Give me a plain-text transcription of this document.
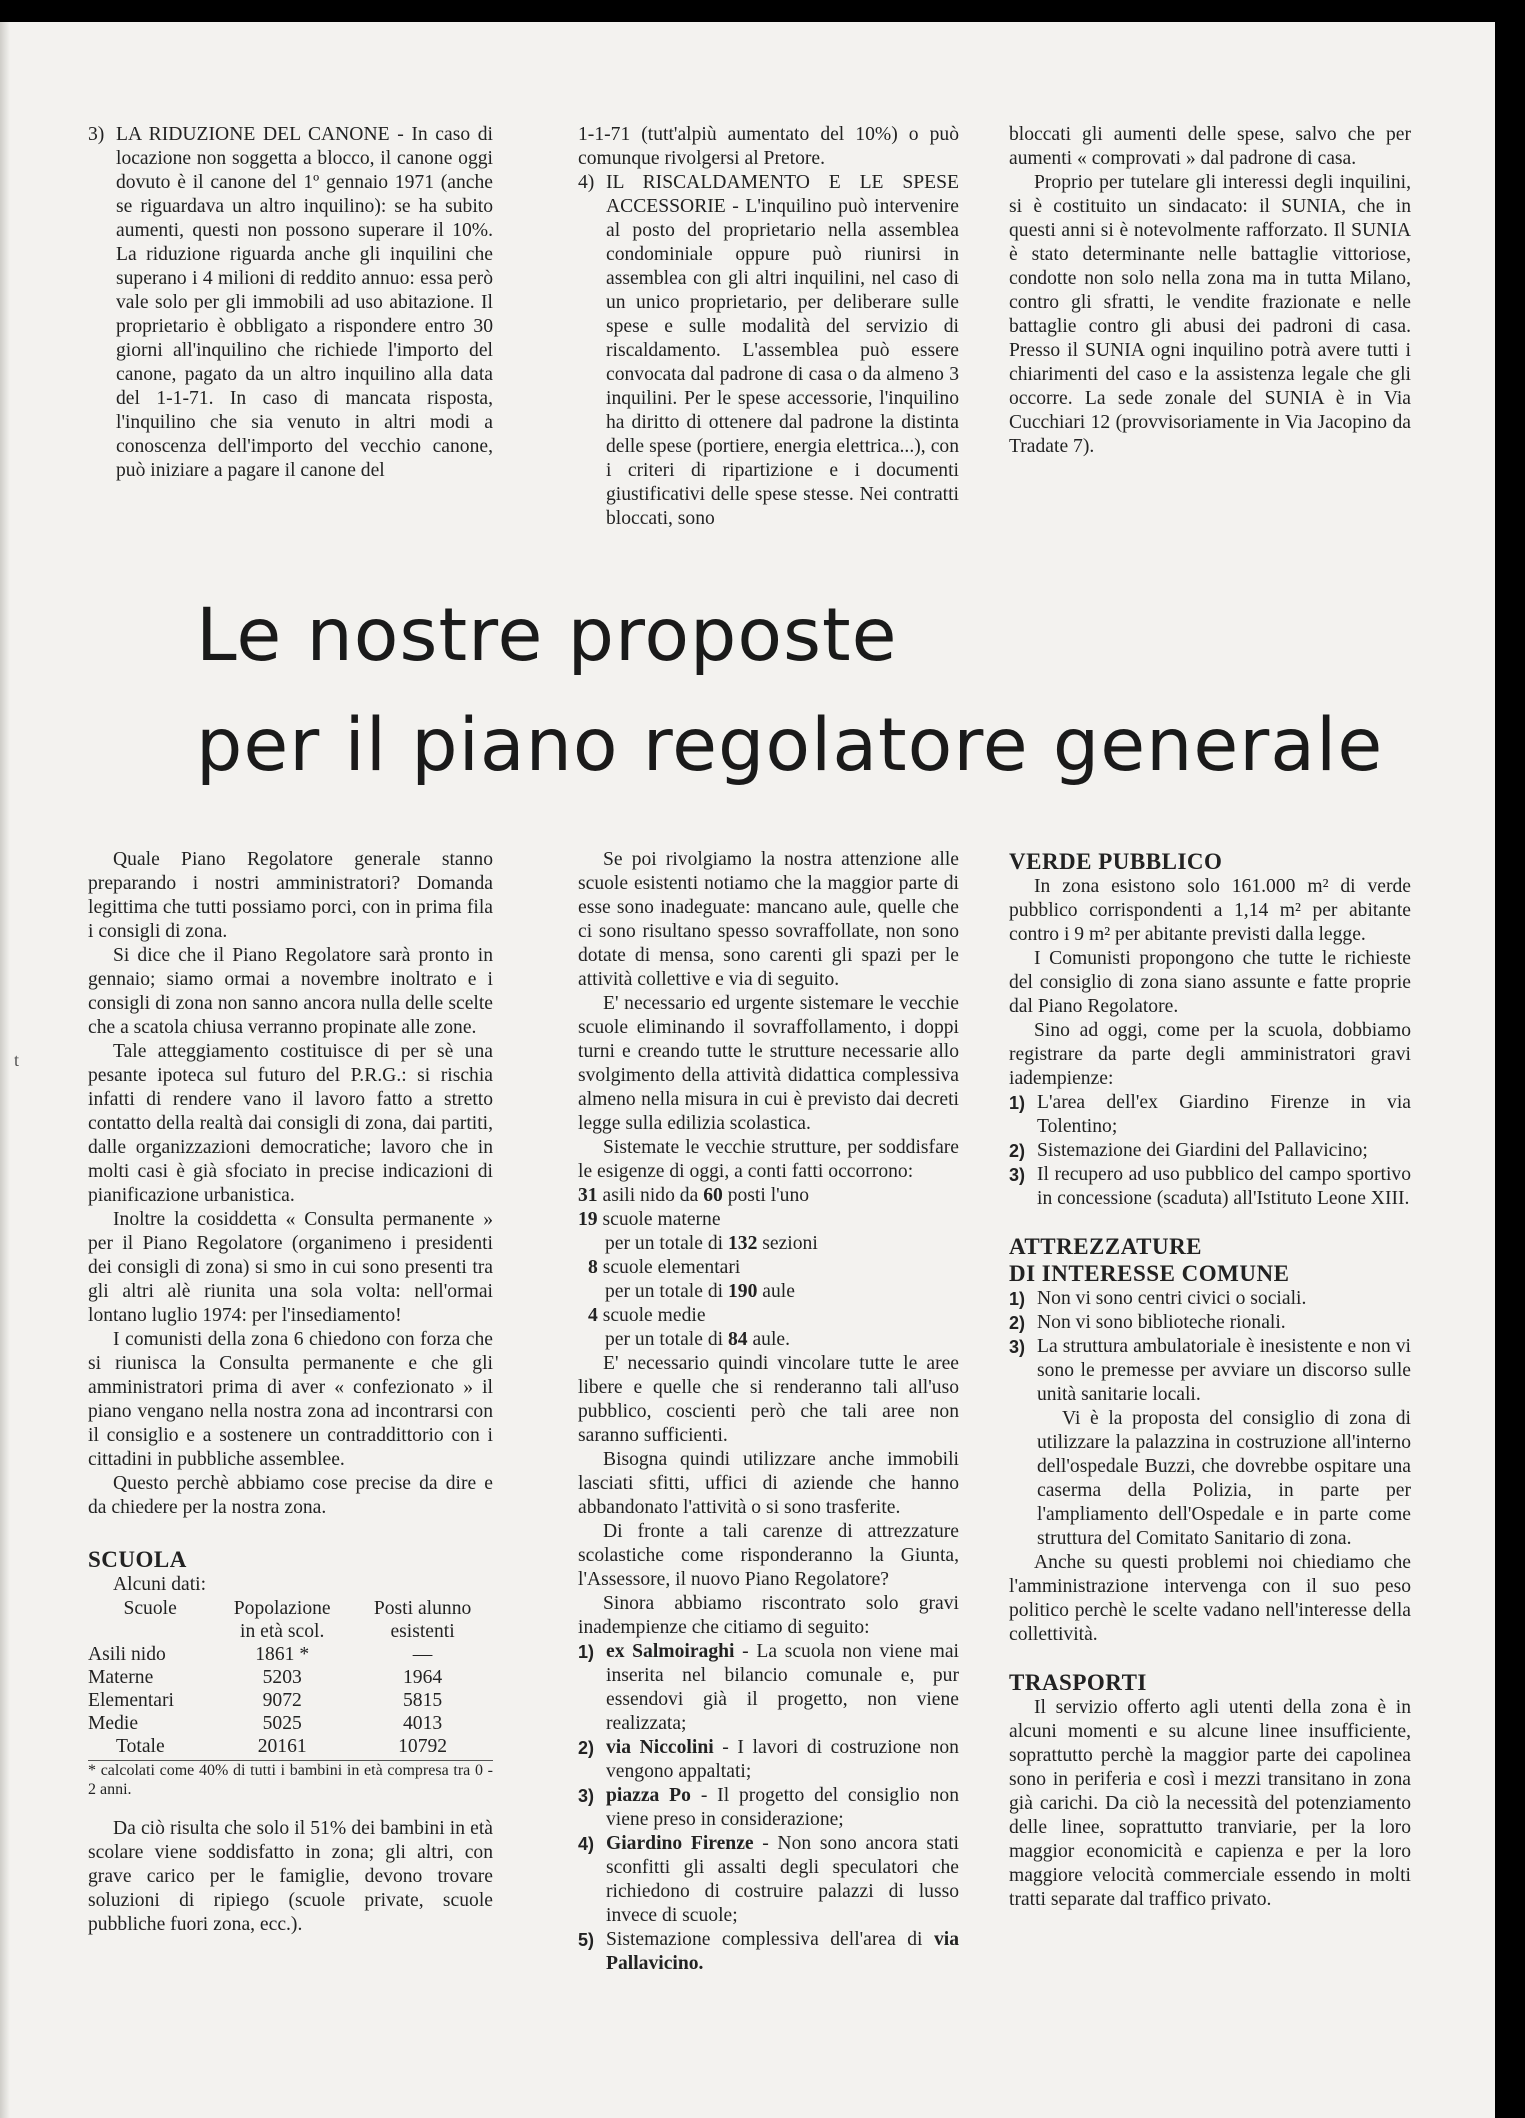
t

3) LA RIDUZIONE DEL CANONE - In caso di locazione non soggetta a blocco, il canone oggi dovuto è il canone del 1º gennaio 1971 (anche se riguardava un altro inquilino): se ha subito aumenti, questi non possono superare il 10%. La riduzione riguarda anche gli inquilini che superano i 4 milioni di reddito annuo: essa però vale solo per gli immobili ad uso abitazione. Il proprietario è obbligato a rispondere entro 30 giorni all'inquilino che richiede l'importo del canone, pagato da un altro inquilino alla data del 1-1-71. In caso di mancata risposta, l'inquilino che sia venuto in altri modi a conoscenza dell'importo del vecchio canone, può iniziare a pagare il canone del

1-1-71 (tutt'alpiù aumentato del 10%) o può comunque rivolgersi al Pretore.

4) IL RISCALDAMENTO E LE SPESE ACCESSORIE - L'inquilino può intervenire al posto del proprietario nella assemblea condominiale oppure può riunirsi in assemblea con gli altri inquilini, nel caso di un unico proprietario, per deliberare sulle spese e sulle modalità del servizio di riscaldamento. L'assemblea può essere convocata dal padrone di casa o da almeno 3 inquilini. Per le spese accessorie, l'inquilino ha diritto di ottenere dal padrone la distinta delle spese (portiere, energia elettrica...), con i criteri di ripartizione e i documenti giustificativi delle spese stesse. Nei contratti bloccati, sono

bloccati gli aumenti delle spese, salvo che per aumenti « comprovati » dal padrone di casa.

Proprio per tutelare gli interessi degli inquilini, si è costituito un sindacato: il SUNIA, che in questi anni si è notevolmente rafforzato. Il SUNIA è stato determinante nelle battaglie vittoriose, condotte non solo nella zona ma in tutta Milano, contro gli sfratti, le vendite frazionate e nelle battaglie contro gli abusi dei padroni di casa. Presso il SUNIA ogni inquilino potrà avere tutti i chiarimenti del caso e la assistenza legale che gli occorre. La sede zonale del SUNIA è in Via Cucchiari 12 (provvisoriamente in Via Jacopino da Tradate 7).

Le nostre proposte
per il piano regolatore generale

Quale Piano Regolatore generale stanno preparando i nostri amministratori? Domanda legittima che tutti possiamo porci, con in prima fila i consigli di zona.

Si dice che il Piano Regolatore sarà pronto in gennaio; siamo ormai a novembre inoltrato e i consigli di zona non sanno ancora nulla delle scelte che a scatola chiusa verranno propinate alle zone.

Tale atteggiamento costituisce di per sè una pesante ipoteca sul futuro del P.R.G.: si rischia infatti di rendere vano il lavoro fatto a stretto contatto della realtà dai consigli di zona, dai partiti, dalle organizzazioni democratiche; lavoro che in molti casi è già sfociato in precise indicazioni di pianificazione urbanistica.

Inoltre la cosiddetta « Consulta permanente » per il Piano Regolatore (organimeno i presidenti dei consigli di zona) si smo in cui sono presenti tra gli altri alè riunita una sola volta: nell'ormai lontano luglio 1974: per l'insediamento!

I comunisti della zona 6 chiedono con forza che si riunisca la Consulta permanente e che gli amministratori prima di aver « confezionato » il piano vengano nella nostra zona ad incontrarsi con il consiglio e a sostenere un contraddittorio con i cittadini in pubbliche assemblee.

Questo perchè abbiamo cose precise da dire e da chiedere per la nostra zona.

SCUOLA

Alcuni dati:

Scuole	Popolazione	Posti alunno
	in età scol.	esistenti
Asili nido	1861 *	—
Materne	5203	1964
Elementari	9072	5815
Medie	5025	4013
Totale	20161	10792

* calcolati come 40% di tutti i bambini in età compresa tra 0 - 2 anni.

Da ciò risulta che solo il 51% dei bambini in età scolare viene soddisfatto in zona; gli altri, con grave carico per le famiglie, devono trovare soluzioni di ripiego (scuole private, scuole pubbliche fuori zona, ecc.).

Se poi rivolgiamo la nostra attenzione alle scuole esistenti notiamo che la maggior parte di esse sono inadeguate: mancano aule, quelle che ci sono risultano spesso sovraffollate, non sono dotate di mensa, sono carenti gli spazi per le attività collettive e via di seguito.

E' necessario ed urgente sistemare le vecchie scuole eliminando il sovraffollamento, i doppi turni e creando tutte le strutture necessarie allo svolgimento della attività didattica complessiva almeno nella misura in cui è previsto dai decreti legge sulla edilizia scolastica.

Sistemate le vecchie strutture, per soddisfare le esigenze di oggi, a conti fatti occorrono:

31 asili nido da 60 posti l'uno

19 scuole materne

per un totale di 132 sezioni

8 scuole elementari

per un totale di 190 aule

4 scuole medie

per un totale di 84 aule.

E' necessario quindi vincolare tutte le aree libere e quelle che si renderanno tali all'uso pubblico, coscienti però che tali aree non saranno sufficienti.

Bisogna quindi utilizzare anche immobili lasciati sfitti, uffici di aziende che hanno abbandonato l'attività o si sono trasferite.

Di fronte a tali carenze di attrezzature scolastiche come risponderanno la Giunta, l'Assessore, il nuovo Piano Regolatore?

Sinora abbiamo riscontrato solo gravi inadempienze che citiamo di seguito:

1) ex Salmoiraghi - La scuola non viene mai inserita nel bilancio comunale e, pur essendovi già il progetto, non viene realizzata;

2) via Niccolini - I lavori di costruzione non vengono appaltati;

3) piazza Po - Il progetto del consiglio non viene preso in considerazione;

4) Giardino Firenze - Non sono ancora stati sconfitti gli assalti degli speculatori che richiedono di costruire palazzi di lusso invece di scuole;

5) Sistemazione complessiva dell'area di via Pallavicino.

VERDE PUBBLICO

In zona esistono solo 161.000 m² di verde pubblico corrispondenti a 1,14 m² per abitante contro i 9 m² per abitante previsti dalla legge.

I Comunisti propongono che tutte le richieste del consiglio di zona siano assunte e fatte proprie dal Piano Regolatore.

Sino ad oggi, come per la scuola, dobbiamo registrare da parte degli amministratori gravi iadempienze:

1) L'area dell'ex Giardino Firenze in via Tolentino;

2) Sistemazione dei Giardini del Pallavicino;

3) Il recupero ad uso pubblico del campo sportivo in concessione (scaduta) all'Istituto Leone XIII.

ATTREZZATURE
DI INTERESSE COMUNE

1) Non vi sono centri civici o sociali.

2) Non vi sono biblioteche rionali.

3) La struttura ambulatoriale è inesistente e non vi sono le premesse per avviare un discorso sulle unità sanitarie locali.

Vi è la proposta del consiglio di zona di utilizzare la palazzina in costruzione all'interno dell'ospedale Buzzi, che dovrebbe ospitare una caserma della Polizia, in parte per l'ampliamento dell'Ospedale e in parte come struttura del Comitato Sanitario di zona.

Anche su questi problemi noi chiediamo che l'amministrazione intervenga con il suo peso politico perchè le scelte vadano nell'interesse della collettività.

TRASPORTI

Il servizio offerto agli utenti della zona è in alcuni momenti e su alcune linee insufficiente, soprattutto perchè la maggior parte dei capolinea sono in periferia e così i mezzi transitano in zona già carichi. Da ciò la necessità del potenziamento delle linee, soprattutto tranviarie, per la loro maggior economicità e capienza e per la loro maggiore velocità commerciale essendo in molti tratti separate dal traffico privato.
